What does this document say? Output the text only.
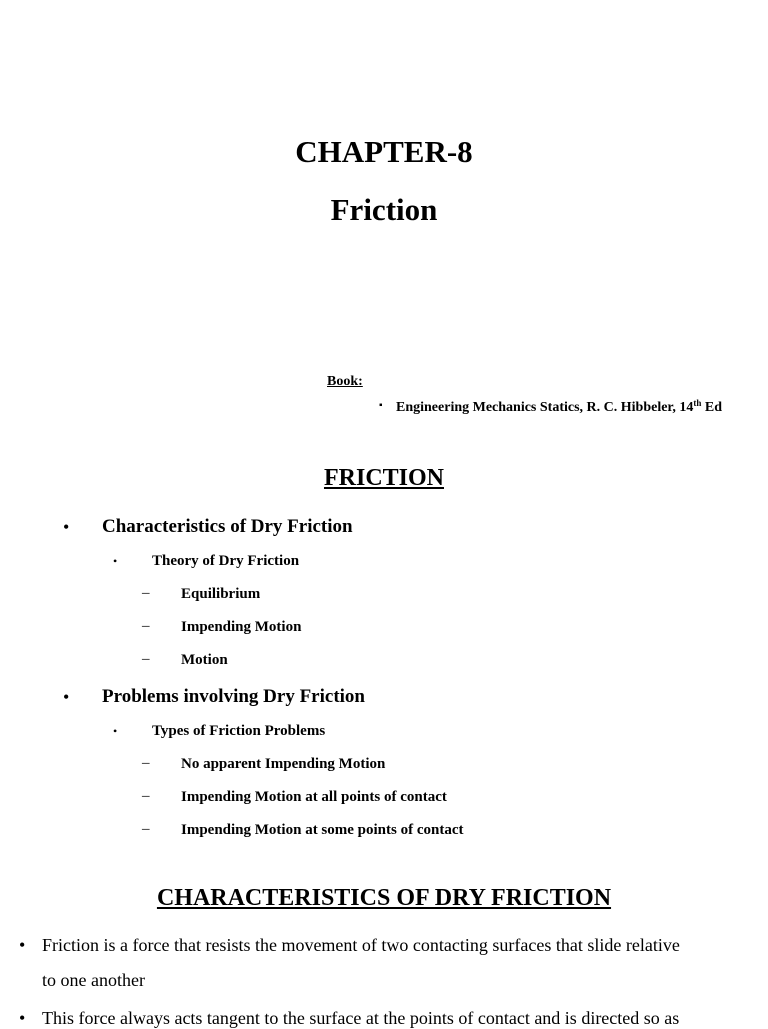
CHAPTER-8
Friction
Book:
▪ Engineering Mechanics Statics, R. C. Hibbeler, 14th Ed
FRICTION
• Characteristics of Dry Friction
• Theory of Dry Friction
– Equilibrium
– Impending Motion
– Motion
• Problems involving Dry Friction
• Types of Friction Problems
– No apparent Impending Motion
– Impending Motion at all points of contact
– Impending Motion at some points of contact
CHARACTERISTICS OF DRY FRICTION
• Friction is a force that resists the movement of two contacting surfaces that slide relative
to one another
• This force always acts tangent to the surface at the points of contact and is directed so as
